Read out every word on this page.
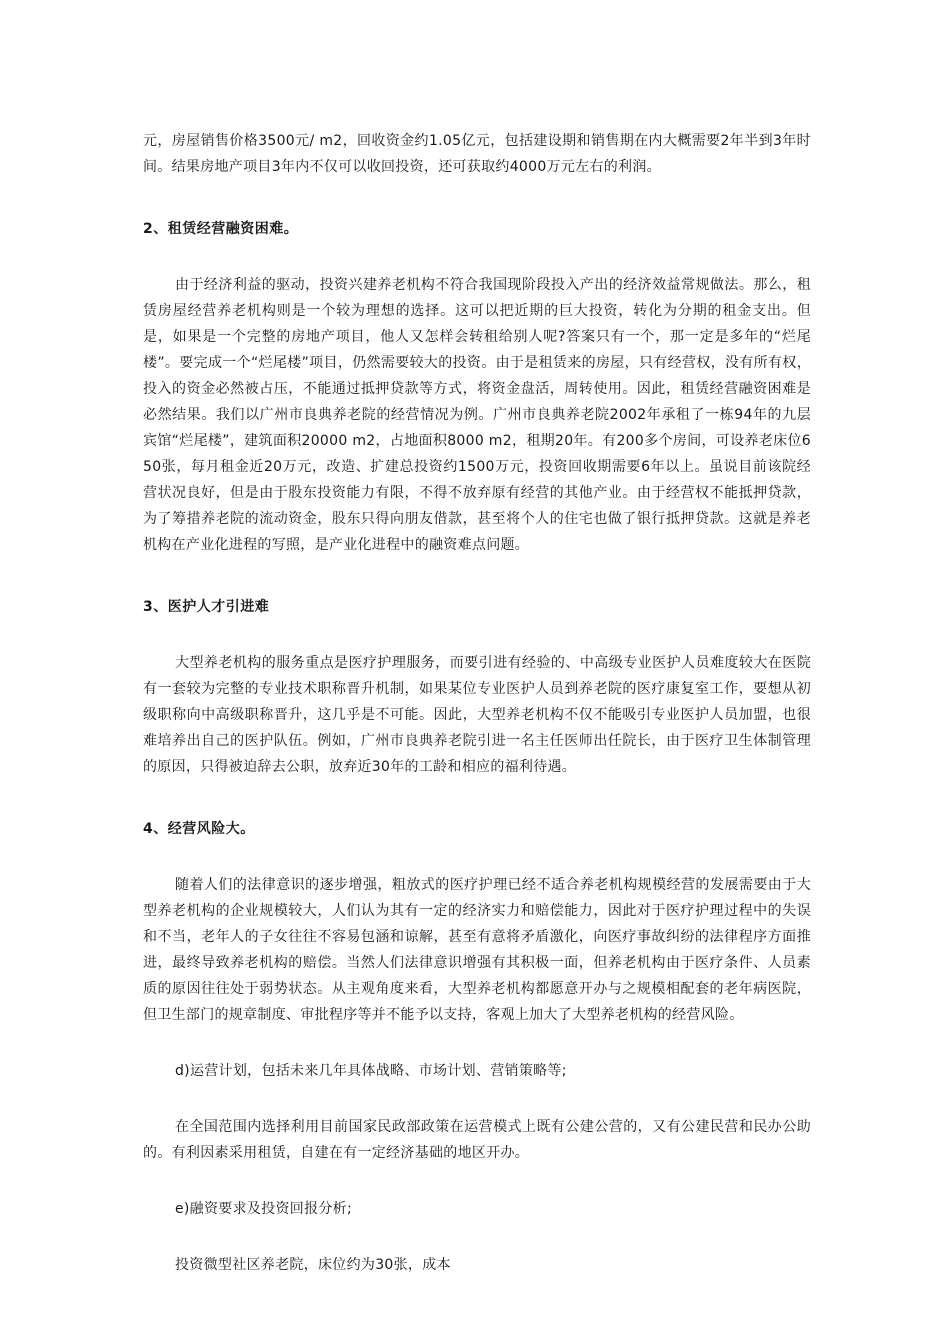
元，房屋销售价格3500元/ m2，回收资金约1.05亿元，包括建设期和销售期在内大概需要2年半到3年时间。结果房地产项目3年内不仅可以收回投资，还可获取约4000万元左右的利润。

2、租赁经营融资困难。

由于经济利益的驱动，投资兴建养老机构不符合我国现阶段投入产出的经济效益常规做法。那么，租赁房屋经营养老机构则是一个较为理想的选择。这可以把近期的巨大投资，转化为分期的租金支出。但是，如果是一个完整的房地产项目，他人又怎样会转租给别人呢?答案只有一个，那一定是多年的“烂尾楼”。要完成一个“烂尾楼”项目，仍然需要较大的投资。由于是租赁来的房屋，只有经营权，没有所有权，投入的资金必然被占压，不能通过抵押贷款等方式，将资金盘活，周转使用。因此，租赁经营融资困难是必然结果。我们以广州市良典养老院的经营情况为例。广州市良典养老院2002年承租了一栋94年的九层宾馆“烂尾楼”，建筑面积20000 m2，占地面积8000 m2，租期20年。有200多个房间，可设养老床位650张，每月租金近20万元，改造、扩建总投资约1500万元，投资回收期需要6年以上。虽说目前该院经营状况良好，但是由于股东投资能力有限，不得不放弃原有经营的其他产业。由于经营权不能抵押贷款，为了筹措养老院的流动资金，股东只得向朋友借款，甚至将个人的住宅也做了银行抵押贷款。这就是养老机构在产业化进程的写照，是产业化进程中的融资难点问题。

3、医护人才引进难

大型养老机构的服务重点是医疗护理服务，而要引进有经验的、中高级专业医护人员难度较大在医院有一套较为完整的专业技术职称晋升机制，如果某位专业医护人员到养老院的医疗康复室工作，要想从初级职称向中高级职称晋升，这几乎是不可能。因此，大型养老机构不仅不能吸引专业医护人员加盟，也很难培养出自己的医护队伍。例如，广州市良典养老院引进一名主任医师出任院长，由于医疗卫生体制管理的原因，只得被迫辞去公职，放弃近30年的工龄和相应的福利待遇。

4、经营风险大。

随着人们的法律意识的逐步增强，粗放式的医疗护理已经不适合养老机构规模经营的发展需要由于大型养老机构的企业规模较大，人们认为其有一定的经济实力和赔偿能力，因此对于医疗护理过程中的失误和不当，老年人的子女往往不容易包涵和谅解，甚至有意将矛盾激化，向医疗事故纠纷的法律程序方面推进，最终导致养老机构的赔偿。当然人们法律意识增强有其积极一面，但养老机构由于医疗条件、人员素质的原因往往处于弱势状态。从主观角度来看，大型养老机构都愿意开办与之规模相配套的老年病医院，但卫生部门的规章制度、审批程序等并不能予以支持，客观上加大了大型养老机构的经营风险。

d)运营计划，包括未来几年具体战略、市场计划、营销策略等;

在全国范围内选择利用目前国家民政部政策在运营模式上既有公建公营的，又有公建民营和民办公助的。有利因素采用租赁，自建在有一定经济基础的地区开办。

e)融资要求及投资回报分析;

投资微型社区养老院，床位约为30张，成本
